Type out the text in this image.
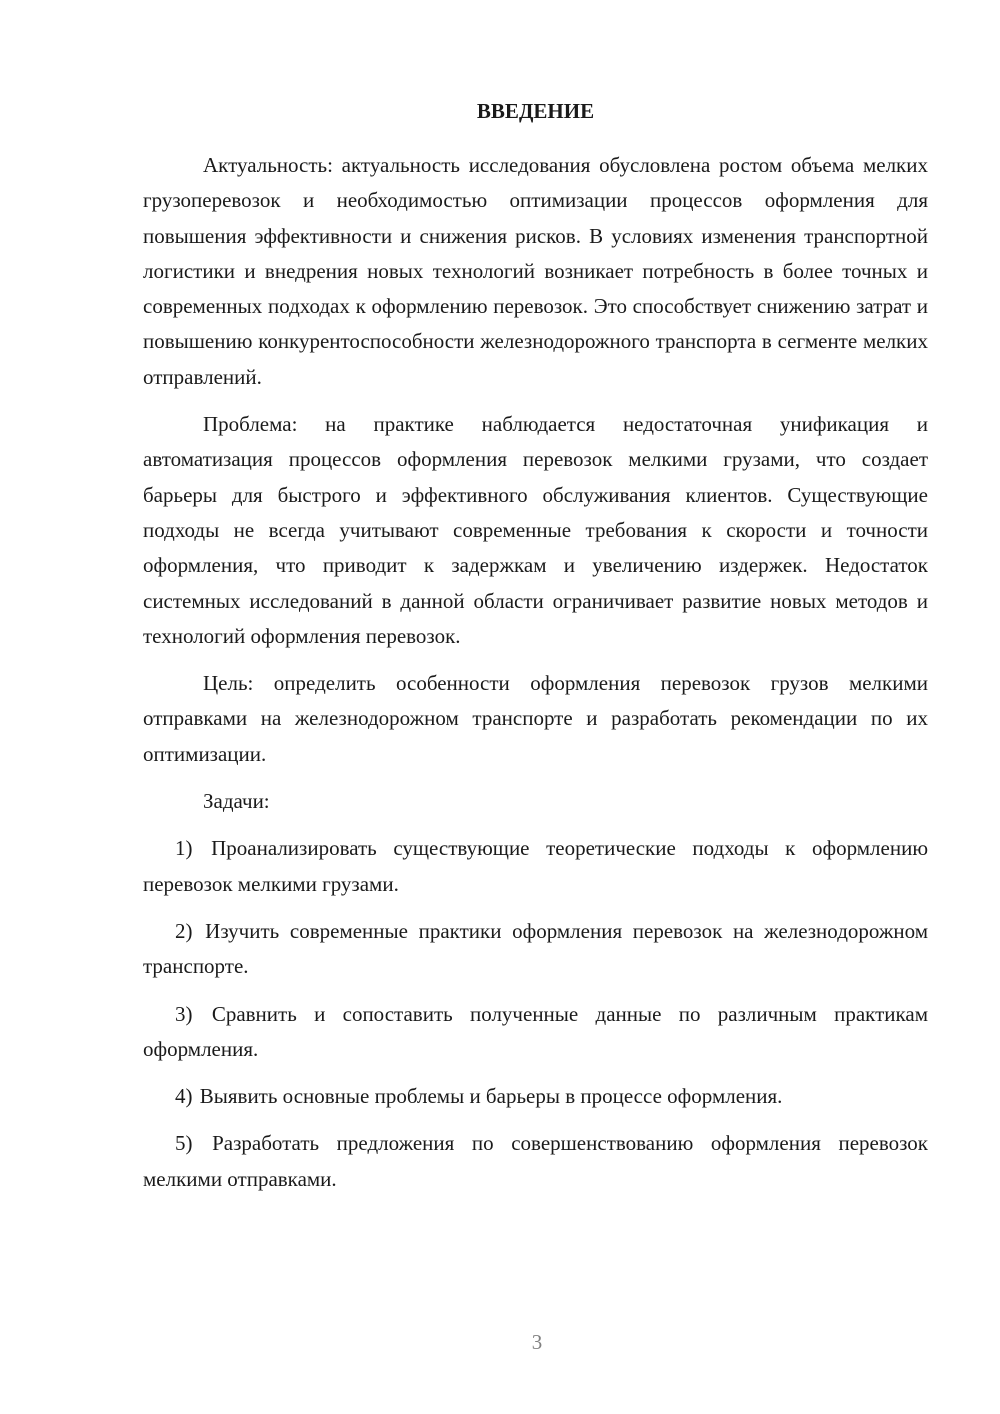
ВВЕДЕНИЕ

Актуальность: актуальность исследования обусловлена ростом объема мелких грузоперевозок и необходимостью оптимизации процессов оформления для повышения эффективности и снижения рисков. В условиях изменения транспортной логистики и внедрения новых технологий возникает потребность в более точных и современных подходах к оформлению перевозок. Это способствует снижению затрат и повышению конкурентоспособности железнодорожного транспорта в сегменте мелких отправлений.

Проблема: на практике наблюдается недостаточная унификация и автоматизация процессов оформления перевозок мелкими грузами, что создает барьеры для быстрого и эффективного обслуживания клиентов. Существующие подходы не всегда учитывают современные требования к скорости и точности оформления, что приводит к задержкам и увеличению издержек. Недостаток системных исследований в данной области ограничивает развитие новых методов и технологий оформления перевозок.

Цель: определить особенности оформления перевозок грузов мелкими отправками на железнодорожном транспорте и разработать рекомендации по их оптимизации.

Задачи:

1) Проанализировать существующие теоретические подходы к оформлению перевозок мелкими грузами.

2) Изучить современные практики оформления перевозок на железнодорожном транспорте.

3) Сравнить и сопоставить полученные данные по различным практикам оформления.

4) Выявить основные проблемы и барьеры в процессе оформления.

5) Разработать предложения по совершенствованию оформления перевозок мелкими отправками.

3
